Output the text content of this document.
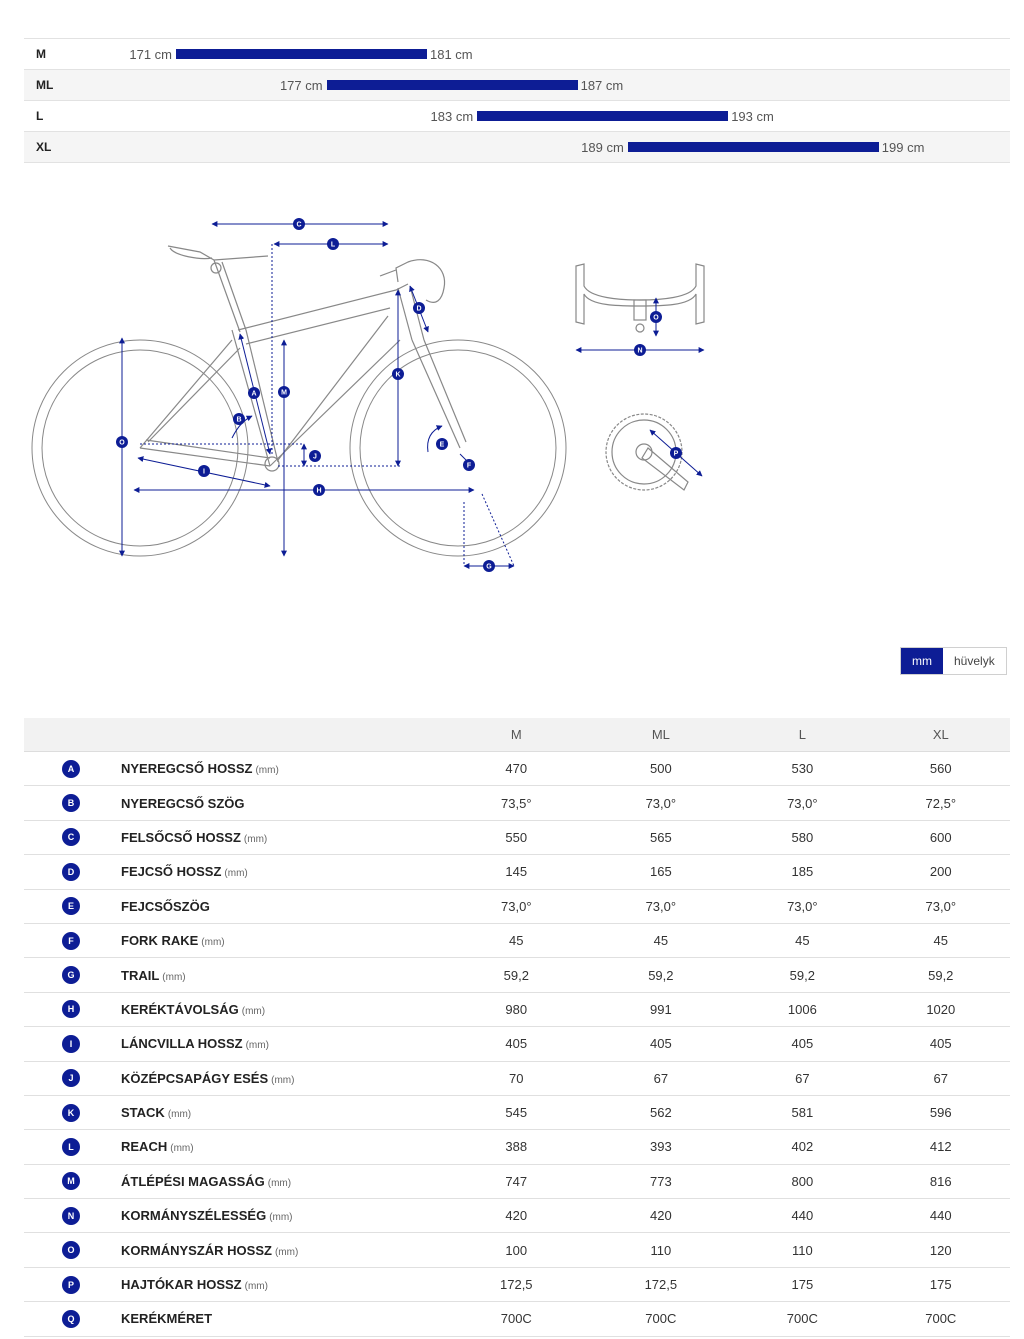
M	171 cm	181 cm
ML	177 cm	187 cm
L	183 cm	193 cm
XL	189 cm	199 cm
C
L
D
K
A	M
B
O	E
J
F
I
H
G
O
N
P
mm	hüvelyk
		M	ML	L	XL
A	NYEREGCSŐ HOSSZ (mm)	470	500	530	560
B	NYEREGCSŐ SZÖG	73,5°	73,0°	73,0°	72,5°
C	FELSŐCSŐ HOSSZ (mm)	550	565	580	600
D	FEJCSŐ HOSSZ (mm)	145	165	185	200
E	FEJCSŐSZÖG	73,0°	73,0°	73,0°	73,0°
F	FORK RAKE (mm)	45	45	45	45
G	TRAIL (mm)	59,2	59,2	59,2	59,2
H	KERÉKTÁVOLSÁG (mm)	980	991	1006	1020
I	LÁNCVILLA HOSSZ (mm)	405	405	405	405
J	KÖZÉPCSAPÁGY ESÉS (mm)	70	67	67	67
K	STACK (mm)	545	562	581	596
L	REACH (mm)	388	393	402	412
M	ÁTLÉPÉSI MAGASSÁG (mm)	747	773	800	816
N	KORMÁNYSZÉLESSÉG (mm)	420	420	440	440
O	KORMÁNYSZÁR HOSSZ (mm)	100	110	110	120
P	HAJTÓKAR HOSSZ (mm)	172,5	172,5	175	175
Q	KERÉKMÉRET	700C	700C	700C	700C
